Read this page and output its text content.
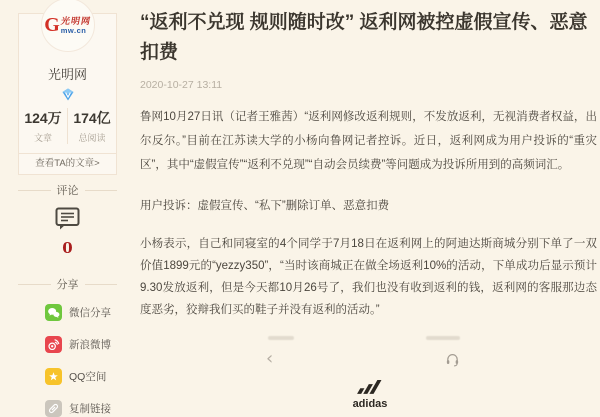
G 光明网
mw.cn
光明网
124万
文章
174亿
总阅读
查看TA的文章>
评论
0
分享
微信分享
新浪微博
QQ空间
复制链接
“返利不兑现 规则随时改” 返利网被控虚假宣传、恶意扣费
2020-10-27 13:11

鲁网10月27日讯（记者王雅茜）“返利网修改返利规则，不发放返利，无视消费者权益，出尔反尔。”目前在江苏读大学的小杨向鲁网记者控诉。近日，返利网成为用户投诉的“重灾区”，其中“虚假宣传”“返利不兑现”“自动会员续费”等问题成为投诉所用到的高频词汇。

用户投诉：虚假宣传、“私下”删除订单、恶意扣费

小杨表示，自己和同寝室的4个同学于7月18日在返利网上的阿迪达斯商城分别下单了一双价值1899元的“yezzy350”，“当时该商城正在做全场返利10%的活动，下单成功后显示预计9.30发放返利，但是今天都10月26号了，我们也没有收到返利的钱，返利网的客服那边态度恶劣，狡辩我们买的鞋子并没有返利的活动。”

‹
adidas
